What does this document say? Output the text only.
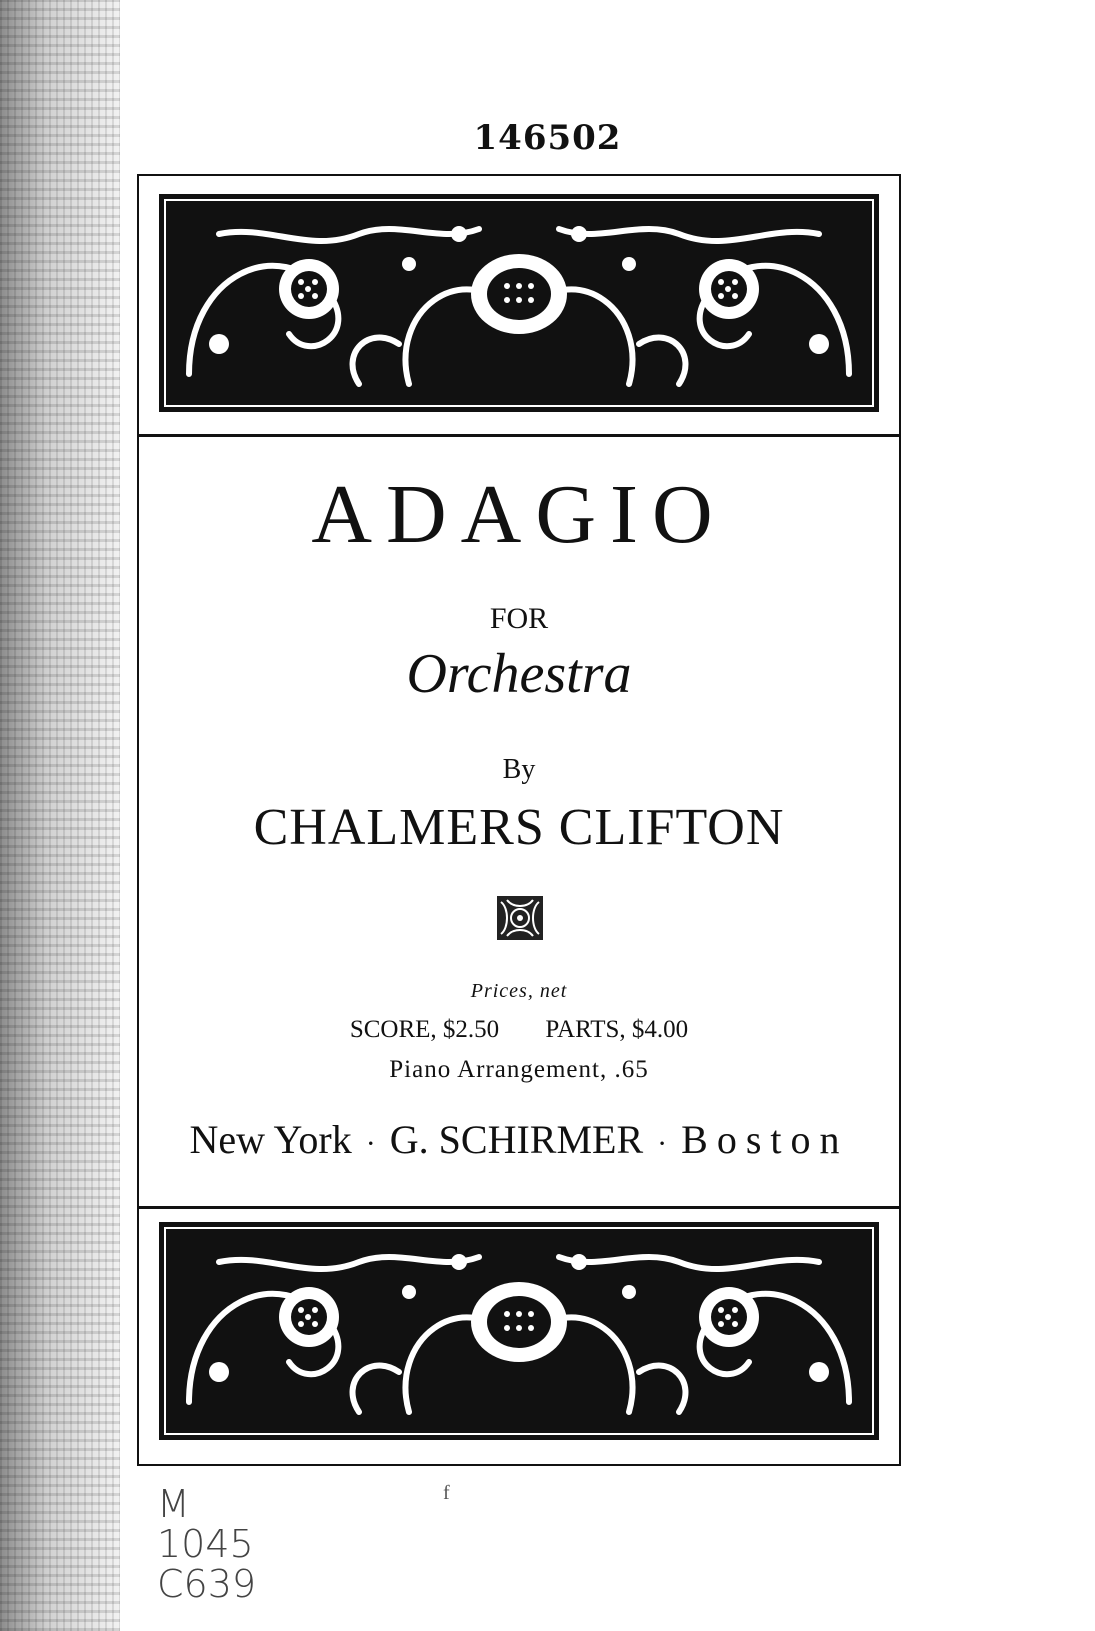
146502
ADAGIO
FOR
Orchestra
By
CHALMERS CLIFTON
Prices, net
SCORE, $2.50 PARTS, $4.00
Piano Arrangement, .65
New York · G. SCHIRMER · Boston
M
1045
C639
f
